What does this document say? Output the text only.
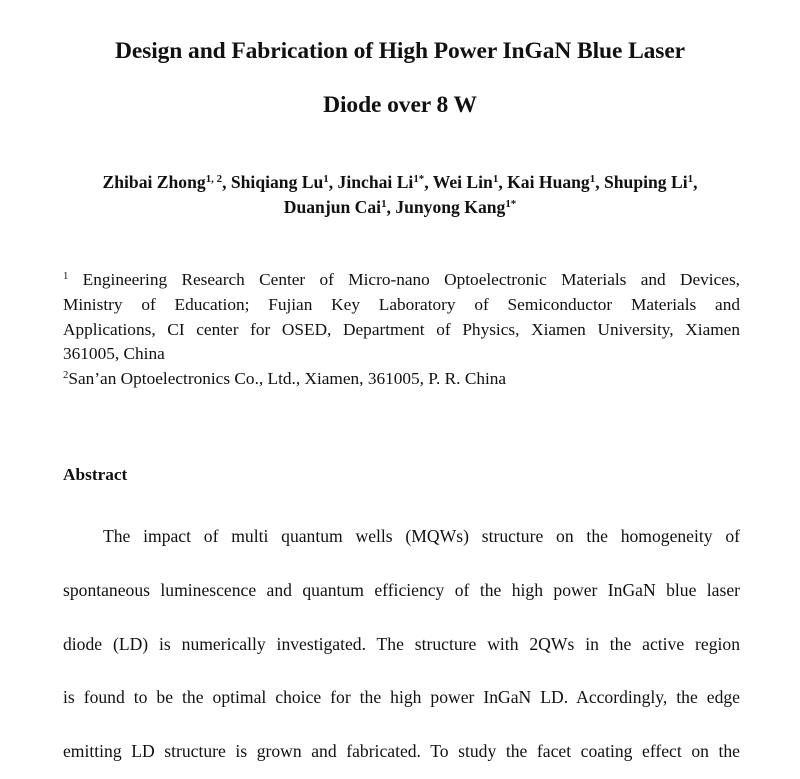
Design and Fabrication of High Power InGaN Blue Laser
Diode over 8 W

Zhibai Zhong$^{1, 2}$, Shiqiang Lu$^1$, Jinchai $Li^{1*}$, Wei Lin$^1$, Kai Huang$^1$, Shuping Li$^1$,
Duanjun Cai$^1$, Junyong Kang$^{1*}$

$^1$ Engineering Research Center of Micro-nano Optoelectronic Materials and Devices,
Ministry of Education; Fujian Key Laboratory of Semiconductor Materials and
Applications, CI center for OSED, Department of Physics, Xiamen University, Xiamen
361005, China
$^2$San’an Optoelectronics Co., Ltd., Xiamen, 361005, P. R. China
Abstract
The impact of multi quantum wells (MQWs) structure on the homogeneity of
spontaneous luminescence and quantum efficiency of the high power InGaN blue laser
diode (LD) is numerically investigated. The structure with 2QWs in the active region
is found to be the optimal choice for the high power InGaN LD. Accordingly, the edge
emitting LD structure is grown and fabricated. To study the facet coating effect on the
